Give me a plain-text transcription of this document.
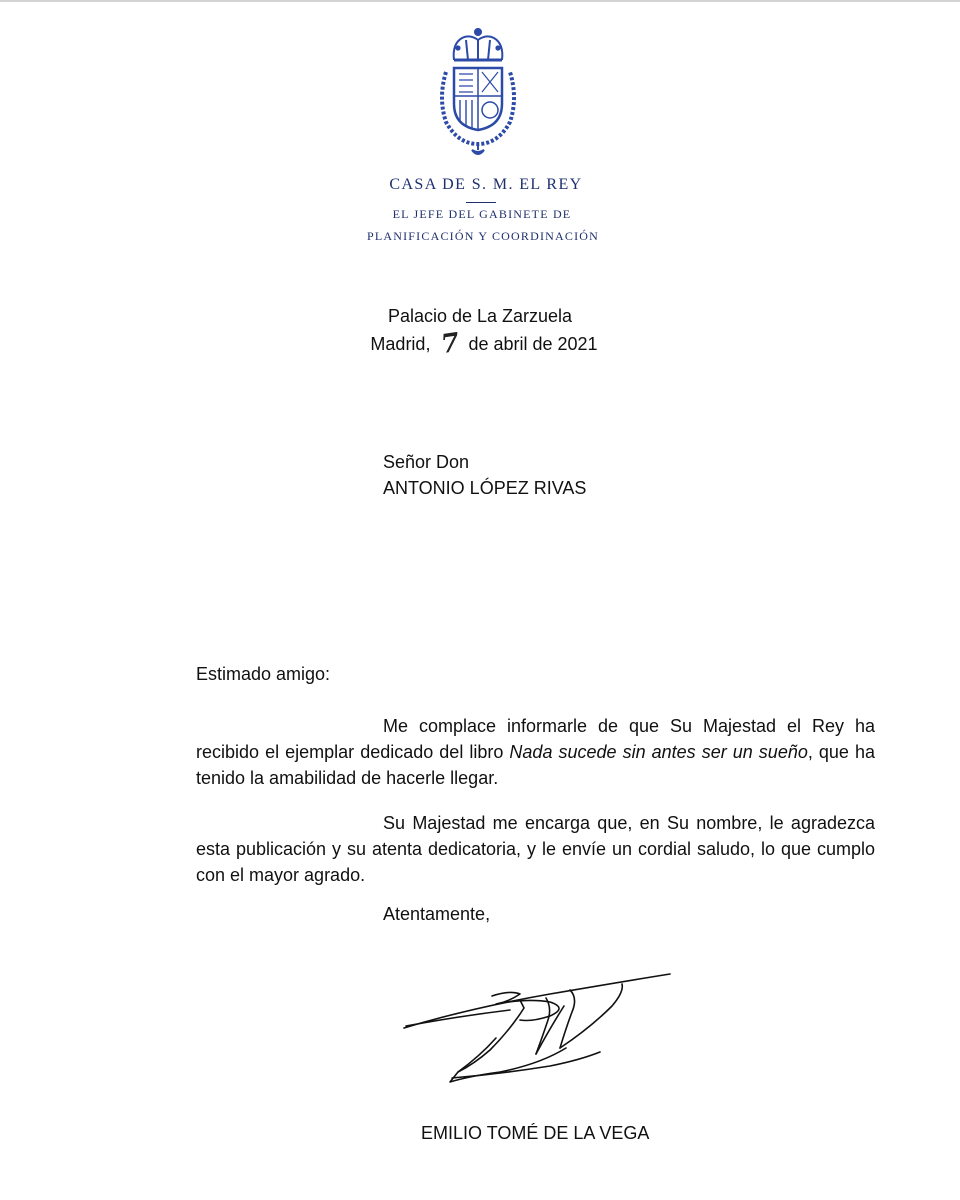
CASA DE S. M. EL REY
EL JEFE DEL GABINETE DE
PLANIFICACIÓN Y COORDINACIÓN
Palacio de La Zarzuela
Madrid, 7 de abril de 2021
Señor Don
ANTONIO LÓPEZ RIVAS
Estimado amigo:
Me complace informarle de que Su Majestad el Rey ha recibido el ejemplar dedicado del libro Nada sucede sin antes ser un sueño, que ha tenido la amabilidad de hacerle llegar.
Su Majestad me encarga que, en Su nombre, le agradezca esta publicación y su atenta dedicatoria, y le envíe un cordial saludo, lo que cumplo con el mayor agrado.
Atentamente,
EMILIO TOMÉ DE LA VEGA
